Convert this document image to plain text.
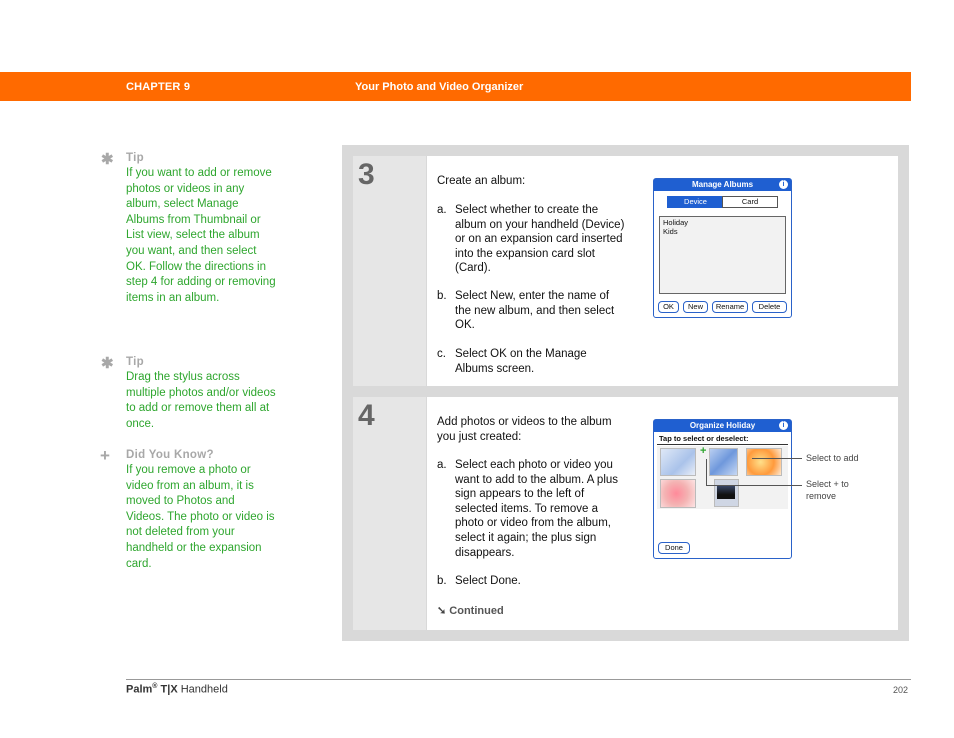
CHAPTER 9	Your Photo and Video Organizer
✱ Tip
If you want to add or remove photos or videos in any album, select Manage Albums from Thumbnail or List view, select the album you want, and then select OK. Follow the directions in step 4 for adding or removing items in an album.
✱ Tip
Drag the stylus across multiple photos and/or videos to add or remove them all at once.
+ Did You Know?
If you remove a photo or video from an album, it is moved to Photos and Videos. The photo or video is not deleted from your handheld or the expansion card.
3	Create an album:
a. Select whether to create the album on your handheld (Device) or on an expansion card inserted into the expansion card slot (Card).
b. Select New, enter the name of the new album, and then select OK.
c. Select OK on the Manage Albums screen.
Manage Albums	i
Device	Card
Holiday
Kids
OK	New	Rename	Delete
4	Add photos or videos to the album you just created:
a. Select each photo or video you want to add to the album. A plus sign appears to the left of selected items. To remove a photo or video from the album, select it again; the plus sign disappears.
b. Select Done.
➘ Continued
Organize Holiday	i
Tap to select or deselect:
+
Done
Select to add
Select + to remove
Palm® T|X Handheld	202
